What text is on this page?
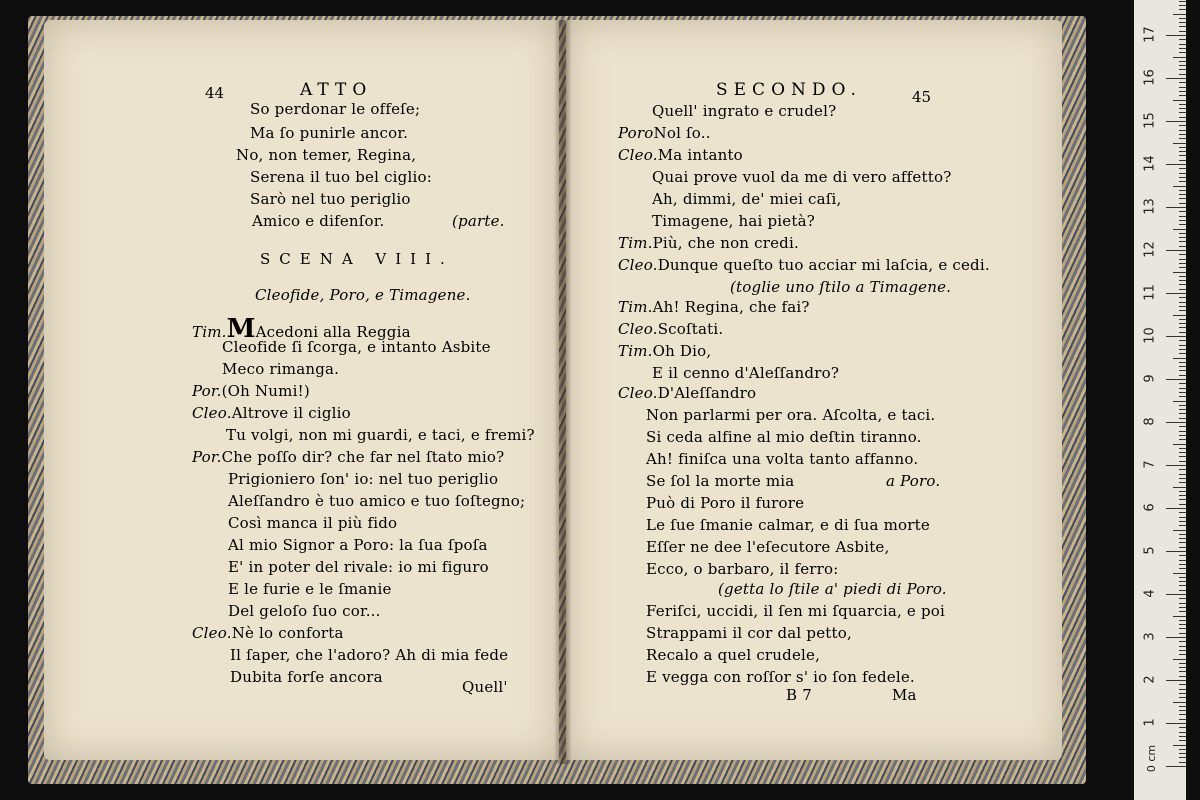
44	ATTO
So perdonar le offeſe;
Ma ſo punirle ancor.
No, non temer, Regina,
Serena il tuo bel ciglio:
Sarò nel tuo periglio
Amico e difenſor.	(parte.
SCENA VIII.
Cleofide, Poro, e Timagene.
Tim.MAcedoni alla Reggia
Cleofide ſi ſcorga, e intanto Asbite
Meco rimanga.
Por.(Oh Numi!)
Cleo.Altrove il ciglio
Tu volgi, non mi guardi, e taci, e fremi?
Por.Che poſſo dir? che far nel ſtato mio?
Prigioniero ſon' io: nel tuo periglio
Aleſſandro è tuo amico e tuo ſoſtegno;
Così manca il più fido
Al mio Signor a Poro: la ſua ſpoſa
E' in poter del rivale: io mi figuro
E le furie e le ſmanie
Del geloſo ſuo cor...
Cleo.Nè lo conforta
Il ſaper, che l'adoro? Ah di mia fede
Dubita forſe ancora
Quell'
SECONDO.	45
Quell' ingrato e crudel?
PoroNol ſo..
Cleo.Ma intanto
Quai prove vuol da me di vero affetto?
Ah, dimmi, de' miei caſi,
Timagene, hai pietà?
Tim.Più, che non credi.
Cleo.Dunque queſto tuo acciar mi laſcia, e cedi.
(toglie uno ſtilo a Timagene.
Tim.Ah! Regina, che fai?
Cleo.Scoſtati.
Tim.Oh Dio,
E il cenno d'Aleſſandro?
Cleo.D'Aleſſandro
Non parlarmi per ora. Aſcolta, e taci.
Si ceda alfine al mio deſtin tiranno.
Ah! finiſca una volta tanto affanno.
Se ſol la morte mia	a Poro.
Può di Poro il furore
Le ſue ſmanie calmar, e di ſua morte
Eſſer ne dee l'eſecutore Asbite,
Ecco, o barbaro, il ferro:
(getta lo ſtile a' piedi di Poro.
Feriſci, uccidi, il ſen mi ſquarcia, e poi
Strappami il cor dal petto,
Recalo a quel crudele,
E vegga con roſſor s' io ſon fedele.
B 7	Ma
1
2
3
4
5
6
7
8
9
10
11
12
13
14
15
16
17
0 cm
